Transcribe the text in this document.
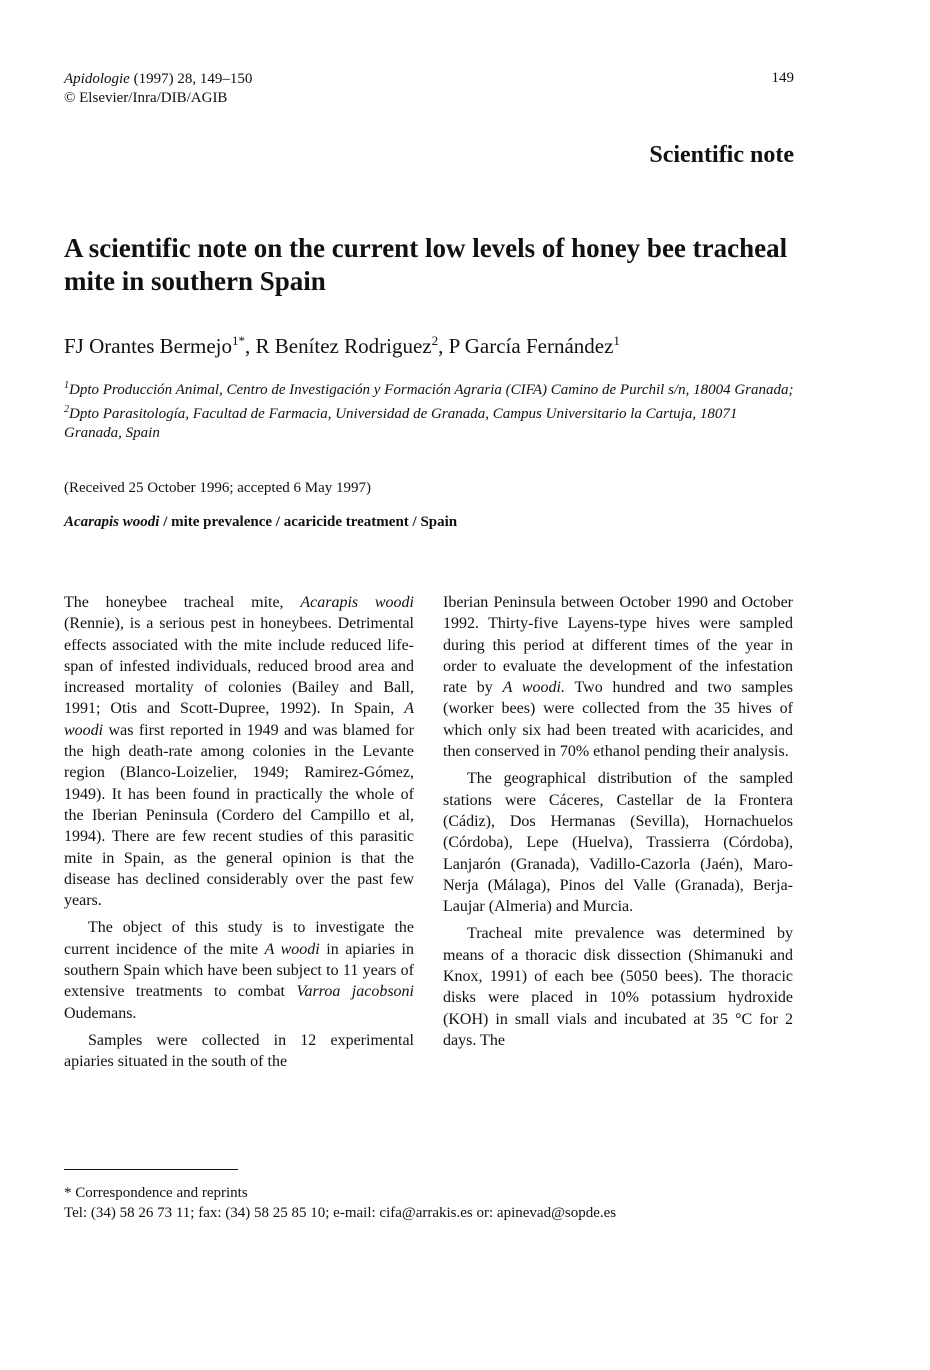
Apidologie (1997) 28, 149–150
© Elsevier/Inra/DIB/AGIB
149
Scientific note
A scientific note on the current low levels of honey bee tracheal mite in southern Spain
FJ Orantes Bermejo$^{1*}$, R Benítez Rodriguez$^2$, P García Fernández$^1$
$^1$Dpto Producción Animal, Centro de Investigación y Formación Agraria (CIFA) Camino de Purchil s/n, 18004 Granada;
$^2$Dpto Parasitología, Facultad de Farmacia, Universidad de Granada, Campus Universitario la Cartuja, 18071 Granada, Spain
(Received 25 October 1996; accepted 6 May 1997)
Acarapis woodi / mite prevalence / acaricide treatment / Spain

The honeybee tracheal mite, Acarapis woodi (Rennie), is a serious pest in honeybees. Detrimental effects associated with the mite include reduced life-span of infested individuals, reduced brood area and increased mortality of colonies (Bailey and Ball, 1991; Otis and Scott-Dupree, 1992). In Spain, A woodi was first reported in 1949 and was blamed for the high death-rate among colonies in the Levante region (Blanco-Loizelier, 1949; Ramirez-Gómez, 1949). It has been found in practically the whole of the Iberian Peninsula (Cordero del Campillo et al, 1994). There are few recent studies of this parasitic mite in Spain, as the general opinion is that the disease has declined considerably over the past few years.

The object of this study is to investigate the current incidence of the mite A woodi in apiaries in southern Spain which have been subject to 11 years of extensive treatments to combat Varroa jacobsoni Oudemans.

Samples were collected in 12 experimental apiaries situated in the south of the

Iberian Peninsula between October 1990 and October 1992. Thirty-five Layens-type hives were sampled during this period at different times of the year in order to evaluate the development of the infestation rate by A woodi. Two hundred and two samples (worker bees) were collected from the 35 hives of which only six had been treated with acaricides, and then conserved in 70% ethanol pending their analysis.

The geographical distribution of the sampled stations were Cáceres, Castellar de la Frontera (Cádiz), Dos Hermanas (Sevilla), Hornachuelos (Córdoba), Lepe (Huelva), Trassierra (Córdoba), Lanjarón (Granada), Vadillo-Cazorla (Jaén), Maro-Nerja (Málaga), Pinos del Valle (Granada), Berja-Laujar (Almeria) and Murcia.

Tracheal mite prevalence was determined by means of a thoracic disk dissection (Shimanuki and Knox, 1991) of each bee (5050 bees). The thoracic disks were placed in 10% potassium hydroxide (KOH) in small vials and incubated at 35 °C for 2 days. The

* Correspondence and reprints
Tel: (34) 58 26 73 11; fax: (34) 58 25 85 10; e-mail: cifa@arrakis.es or: apinevad@sopde.es
